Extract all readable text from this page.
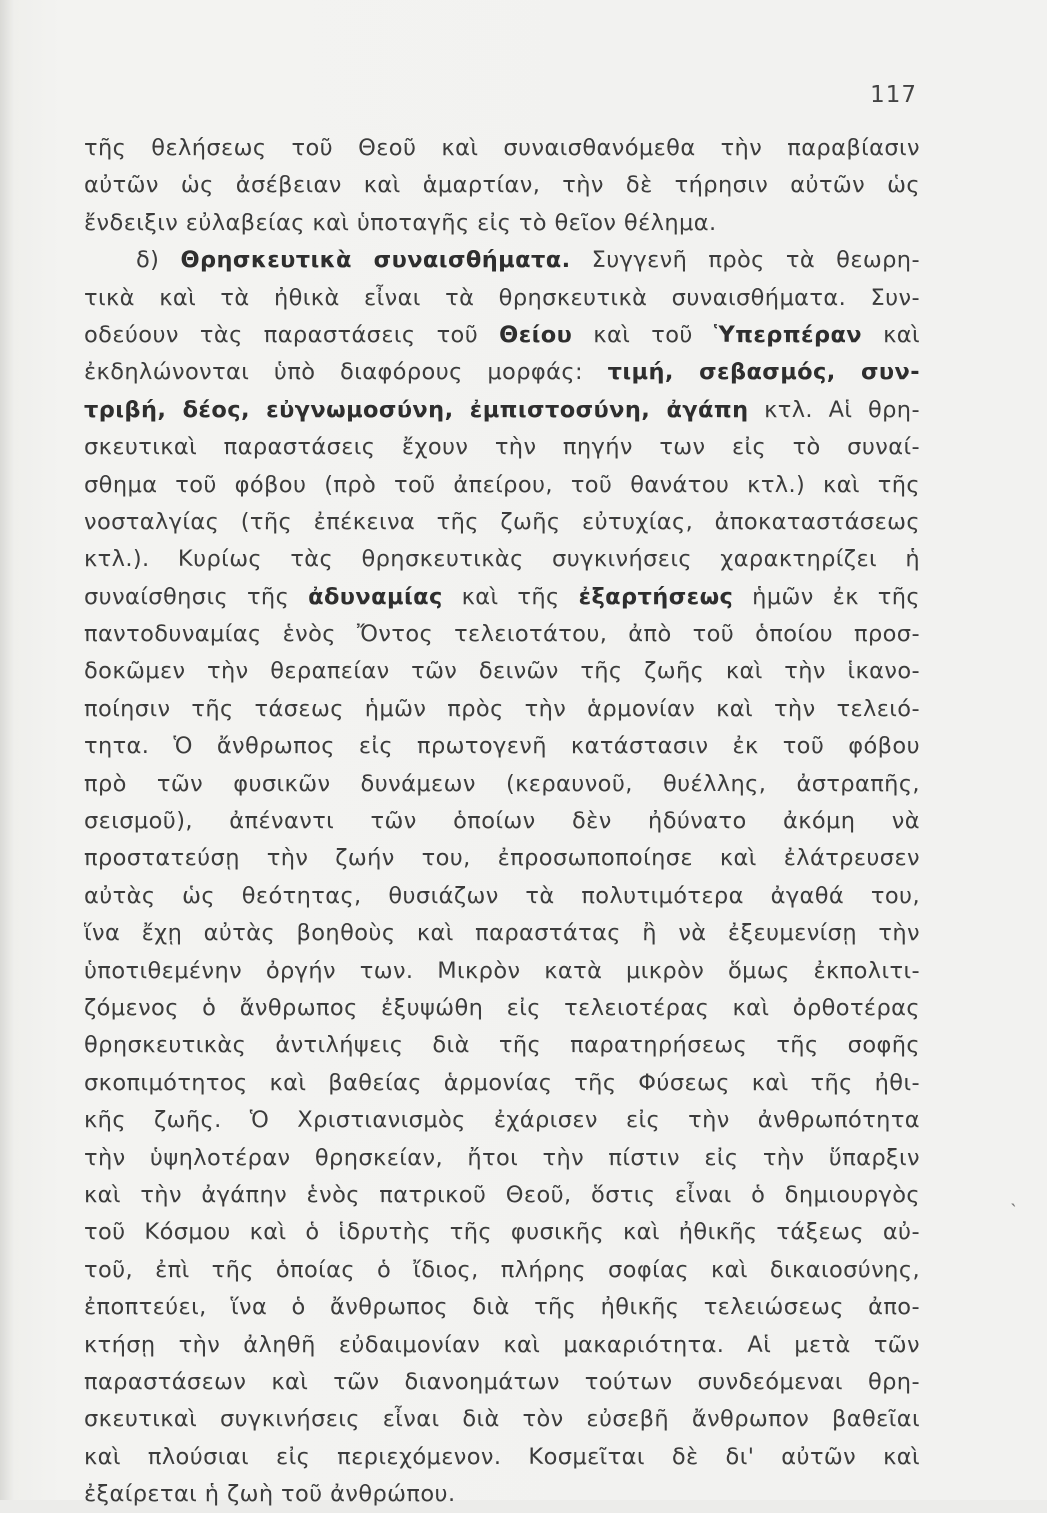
117
τῆς θελήσεως τοῦ Θεοῦ καὶ συναισθανόμεθα τὴν παραβίασιν
αὐτῶν ὡς ἀσέβειαν καὶ ἁμαρτίαν, τὴν δὲ τήρησιν αὐτῶν ὡς
ἔνδειξιν εὐλαβείας καὶ ὑποταγῆς εἰς τὸ θεῖον θέλημα.
δ) Θρησκευτικὰ συναισθήματα. Συγγενῆ πρὸς τὰ θεωρη-
τικὰ καὶ τὰ ἠθικὰ εἶναι τὰ θρησκευτικὰ συναισθήματα. Συν-
οδεύουν τὰς παραστάσεις τοῦ Θείου καὶ τοῦ Ὑπερπέραν καὶ
ἐκδηλώνονται ὑπὸ διαφόρους μορφάς: τιμή, σεβασμός, συν-
τριβή, δέος, εὐγνωμοσύνη, ἐμπιστοσύνη, ἀγάπη κτλ. Αἱ θρη-
σκευτικαὶ παραστάσεις ἔχουν τὴν πηγήν των εἰς τὸ συναί-
σθημα τοῦ φόβου (πρὸ τοῦ ἀπείρου, τοῦ θανάτου κτλ.) καὶ τῆς
νοσταλγίας (τῆς ἐπέκεινα τῆς ζωῆς εὐτυχίας, ἀποκαταστάσεως
κτλ.). Κυρίως τὰς θρησκευτικὰς συγκινήσεις χαρακτηρίζει ἡ
συναίσθησις τῆς ἀδυναμίας καὶ τῆς ἐξαρτήσεως ἡμῶν ἐκ τῆς
παντοδυναμίας ἑνὸς Ὄντος τελειοτάτου, ἀπὸ τοῦ ὁποίου προσ-
δοκῶμεν τὴν θεραπείαν τῶν δεινῶν τῆς ζωῆς καὶ τὴν ἱκανο-
ποίησιν τῆς τάσεως ἡμῶν πρὸς τὴν ἁρμονίαν καὶ τὴν τελειό-
τητα. Ὁ ἄνθρωπος εἰς πρωτογενῆ κατάστασιν ἐκ τοῦ φόβου
πρὸ τῶν φυσικῶν δυνάμεων (κεραυνοῦ, θυέλλης, ἀστραπῆς,
σεισμοῦ), ἀπέναντι τῶν ὁποίων δὲν ἠδύνατο ἀκόμη νὰ
προστατεύσῃ τὴν ζωήν του, ἐπροσωποποίησε καὶ ἐλάτρευσεν
αὐτὰς ὡς θεότητας, θυσιάζων τὰ πολυτιμότερα ἀγαθά του,
ἵνα ἔχῃ αὐτὰς βοηθοὺς καὶ παραστάτας ἢ νὰ ἐξευμενίσῃ τὴν
ὑποτιθεμένην ὀργήν των. Μικρὸν κατὰ μικρὸν ὅμως ἐκπολιτι-
ζόμενος ὁ ἄνθρωπος ἐξυψώθη εἰς τελειοτέρας καὶ ὀρθοτέρας
θρησκευτικὰς ἀντιλήψεις διὰ τῆς παρατηρήσεως τῆς σοφῆς
σκοπιμότητος καὶ βαθείας ἁρμονίας τῆς Φύσεως καὶ τῆς ἠθι-
κῆς ζωῆς. Ὁ Χριστιανισμὸς ἐχάρισεν εἰς τὴν ἀνθρωπότητα
τὴν ὑψηλοτέραν θρησκείαν, ἤτοι τὴν πίστιν εἰς τὴν ὕπαρξιν
καὶ τὴν ἀγάπην ἑνὸς πατρικοῦ Θεοῦ, ὅστις εἶναι ὁ δημιουργὸς
τοῦ Κόσμου καὶ ὁ ἱδρυτὴς τῆς φυσικῆς καὶ ἠθικῆς τάξεως αὐ-
τοῦ, ἐπὶ τῆς ὁποίας ὁ ἴδιος, πλήρης σοφίας καὶ δικαιοσύνης,
ἐποπτεύει, ἵνα ὁ ἄνθρωπος διὰ τῆς ἠθικῆς τελειώσεως ἀπο-
κτήσῃ τὴν ἀληθῆ εὐδαιμονίαν καὶ μακαριότητα. Αἱ μετὰ τῶν
παραστάσεων καὶ τῶν διανοημάτων τούτων συνδεόμεναι θρη-
σκευτικαὶ συγκινήσεις εἶναι διὰ τὸν εὐσεβῆ ἄνθρωπον βαθεῖαι
καὶ πλούσιαι εἰς περιεχόμενον. Κοσμεῖται δὲ δι' αὐτῶν καὶ
ἐξαίρεται ἡ ζωὴ τοῦ ἀνθρώπου.
˴
